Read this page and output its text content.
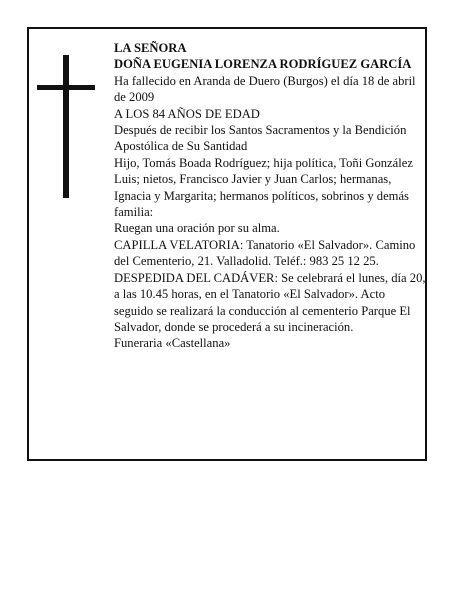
LA SEÑORA

DOÑA EUGENIA LORENZA RODRÍGUEZ GARCÍA

Ha fallecido en Aranda de Duero (Burgos) el día 18 de abril de 2009

A LOS 84 AÑOS DE EDAD

Después de recibir los Santos Sacramentos y la Bendición Apostólica de Su Santidad

Hijo, Tomás Boada Rodríguez; hija política, Toñi González Luis; nietos, Francisco Javier y Juan Carlos; hermanas, Ignacia y Margarita; hermanos políticos, sobrinos y demás familia:

Ruegan una oración por su alma.

CAPILLA VELATORIA: Tanatorio «El Salvador». Camino del Cementerio, 21. Valladolid. Teléf.: 983 25 12 25.

DESPEDIDA DEL CADÁVER: Se celebrará el lunes, día 20, a las 10.45 horas, en el Tanatorio «El Salvador». Acto seguido se realizará la conducción al cementerio Parque El Salvador, donde se procederá a su incineración.

Funeraria «Castellana»
